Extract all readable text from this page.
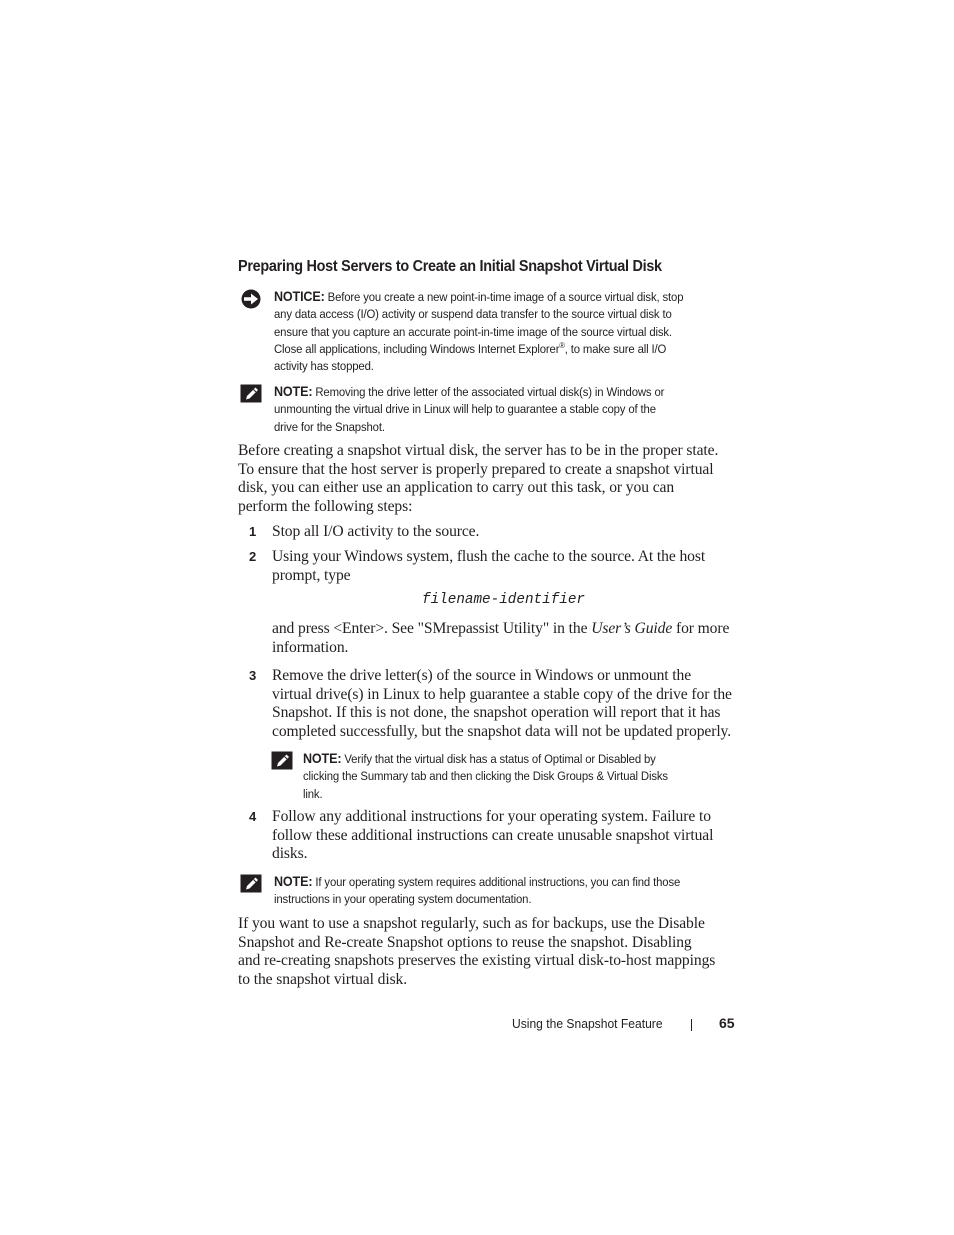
Preparing Host Servers to Create an Initial Snapshot Virtual Disk
NOTICE: Before you create a new point-in-time image of a source virtual disk, stop
any data access (I/O) activity or suspend data transfer to the source virtual disk to
ensure that you capture an accurate point-in-time image of the source virtual disk.
Close all applications, including Windows Internet Explorer®, to make sure all I/O
activity has stopped.
NOTE: Removing the drive letter of the associated virtual disk(s) in Windows or
unmounting the virtual drive in Linux will help to guarantee a stable copy of the
drive for the Snapshot.
Before creating a snapshot virtual disk, the server has to be in the proper state.
To ensure that the host server is properly prepared to create a snapshot virtual
disk, you can either use an application to carry out this task, or you can
perform the following steps:
1 Stop all I/O activity to the source.
2 Using your Windows system, flush the cache to the source. At the host
prompt, type
filename-identifier
and press <Enter>. See "SMrepassist Utility" in the User’s Guide for more
information.
3 Remove the drive letter(s) of the source in Windows or unmount the
virtual drive(s) in Linux to help guarantee a stable copy of the drive for the
Snapshot. If this is not done, the snapshot operation will report that it has
completed successfully, but the snapshot data will not be updated properly.
NOTE: Verify that the virtual disk has a status of Optimal or Disabled by
clicking the Summary tab and then clicking the Disk Groups & Virtual Disks
link.
4 Follow any additional instructions for your operating system. Failure to
follow these additional instructions can create unusable snapshot virtual
disks.
NOTE: If your operating system requires additional instructions, you can find those
instructions in your operating system documentation.
If you want to use a snapshot regularly, such as for backups, use the Disable
Snapshot and Re-create Snapshot options to reuse the snapshot. Disabling
and re-creating snapshots preserves the existing virtual disk-to-host mappings
to the snapshot virtual disk.
Using the Snapshot Feature	65
